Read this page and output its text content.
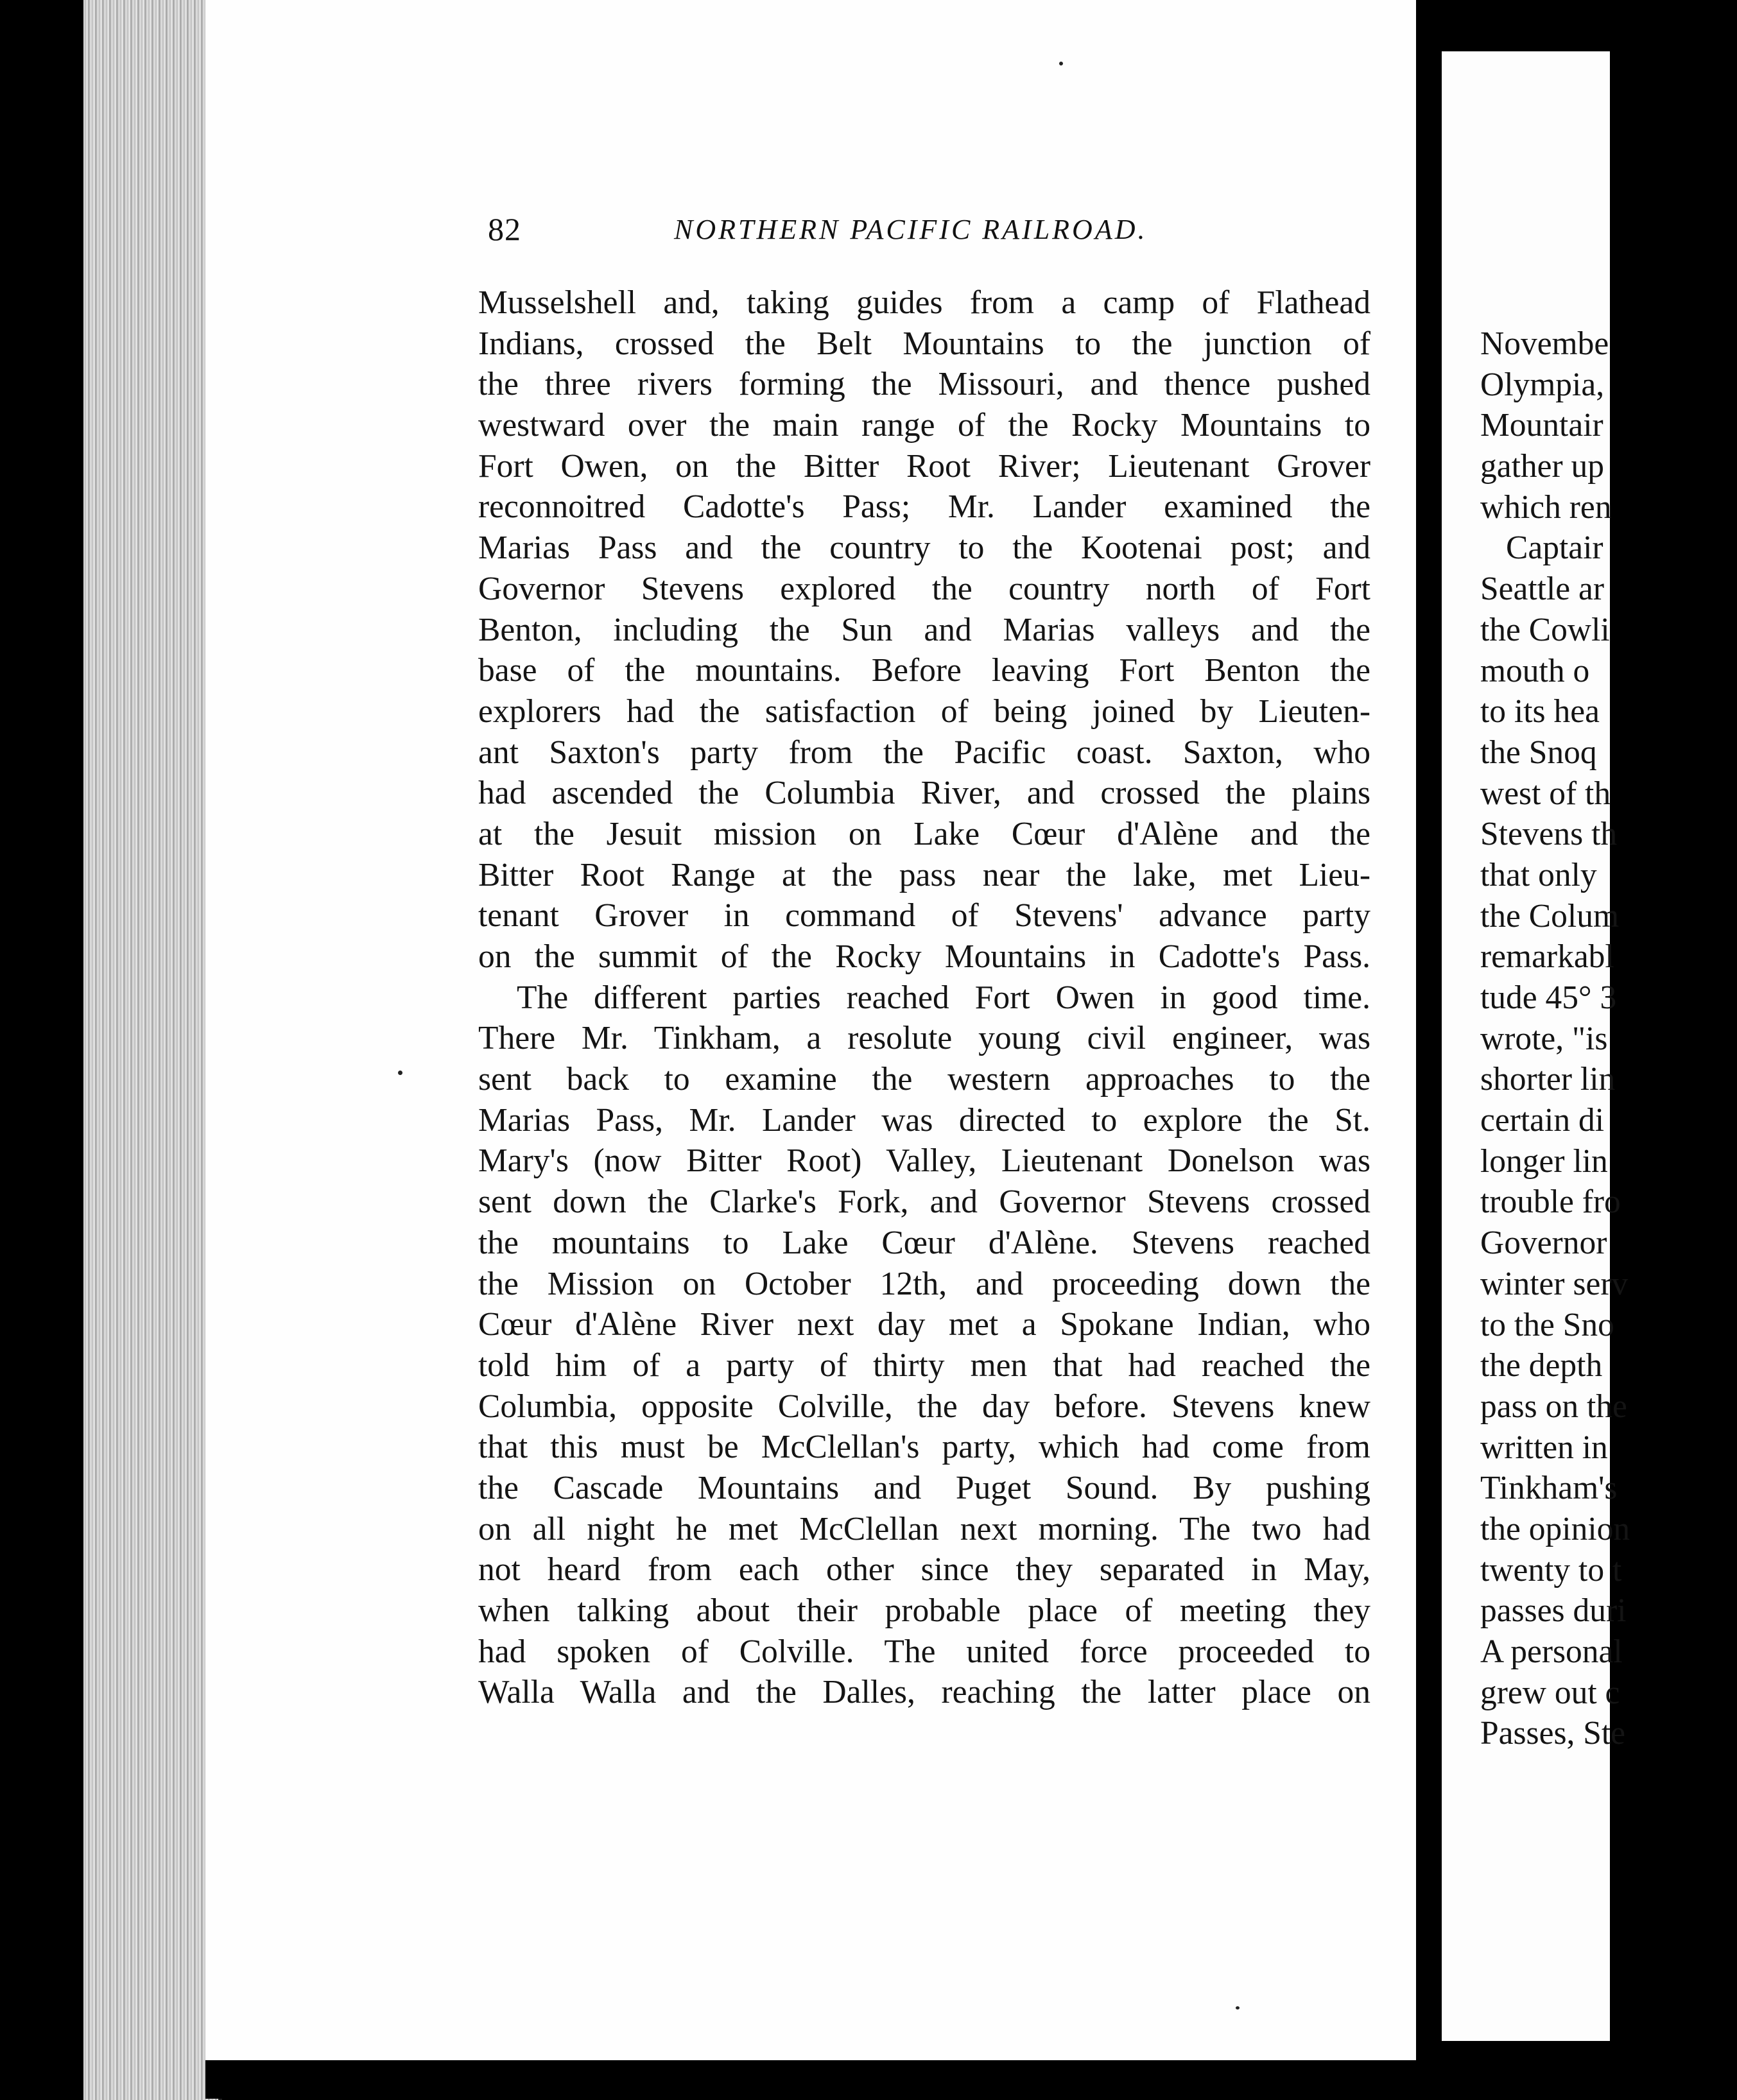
82	NORTHERN PACIFIC RAILROAD.
Musselshell and, taking guides from a camp of Flathead
Indians, crossed the Belt Mountains to the junction of
the three rivers forming the Missouri, and thence pushed
westward over the main range of the Rocky Mountains to
Fort Owen, on the Bitter Root River; Lieutenant Grover
reconnoitred Cadotte's Pass; Mr. Lander examined the
Marias Pass and the country to the Kootenai post; and
Governor Stevens explored the country north of Fort
Benton, including the Sun and Marias valleys and the
base of the mountains. Before leaving Fort Benton the
explorers had the satisfaction of being joined by Lieuten-
ant Saxton's party from the Pacific coast. Saxton, who
had ascended the Columbia River, and crossed the plains
at the Jesuit mission on Lake Cœur d'Alène and the
Bitter Root Range at the pass near the lake, met Lieu-
tenant Grover in command of Stevens' advance party
on the summit of the Rocky Mountains in Cadotte's Pass.
The different parties reached Fort Owen in good time.
There Mr. Tinkham, a resolute young civil engineer, was
sent back to examine the western approaches to the
Marias Pass, Mr. Lander was directed to explore the St.
Mary's (now Bitter Root) Valley, Lieutenant Donelson was
sent down the Clarke's Fork, and Governor Stevens crossed
the mountains to Lake Cœur d'Alène. Stevens reached
the Mission on October 12th, and proceeding down the
Cœur d'Alène River next day met a Spokane Indian, who
told him of a party of thirty men that had reached the
Columbia, opposite Colville, the day before. Stevens knew
that this must be McClellan's party, which had come from
the Cascade Mountains and Puget Sound. By pushing
on all night he met McClellan next morning. The two had
not heard from each other since they separated in May,
when talking about their probable place of meeting they
had spoken of Colville. The united force proceeded to
Walla Walla and the Dalles, reaching the latter place on
Novembe
Olympia,
Mountair
gather up
which ren
Captair
Seattle ar
the Cowli
mouth o
to its hea
the Snoq
west of th
Stevens th
that only
the Colum
remarkabl
tude 45° 3
wrote, "is
shorter lin
certain di
longer lin
trouble fro
Governor
winter serv
to the Sno
the depth
pass on the
written in
Tinkham's
the opinion
twenty to t
passes duri
A personal
grew out c
Passes, Ste
